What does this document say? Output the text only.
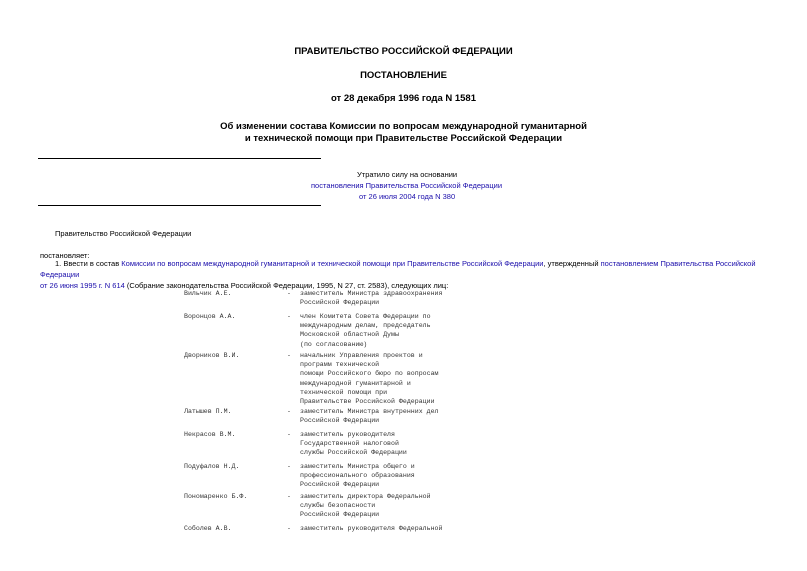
ПРАВИТЕЛЬСТВО РОССИЙСКОЙ ФЕДЕРАЦИИ
ПОСТАНОВЛЕНИЕ
от 28 декабря 1996 года N 1581
Об изменении состава Комиссии по вопросам международной гуманитарной
и технической помощи при Правительстве Российской Федерации
Утратило силу на основании
постановления Правительства Российской Федерации
от 26 июля 2004 года N 380
Правительство Российской Федерации
постановляет:
1. Ввести в состав Комиссии по вопросам международной гуманитарной и технической помощи при Правительстве Российской Федерации, утвержденный постановлением Правительства Российской Федерации
от 26 июня 1995 г. N 614 (Собрание законодательства Российской Федерации, 1995, N 27, ст. 2583), следующих лиц:

Вильчик А.Е.	- заместитель Министра здравоохранения
Российской Федерации

Воронцов А.А.	- член Комитета Совета Федерации по
международным делам, председатель
Московской областной Думы
(по согласованию)

Дворников В.И.	- начальник Управления проектов и
программ технической
помощи Российского бюро по вопросам
международной гуманитарной и
технической помощи при
Правительстве Российской Федерации

Латышев П.М.	- заместитель Министра внутренних дел
Российской Федерации

Некрасов В.М.	- заместитель руководителя
Государственной налоговой
службы Российской Федерации

Подуфалов Н.Д.	- заместитель Министра общего и
профессионального образования
Российской Федерации

Пономаренко Б.Ф.	- заместитель директора Федеральной
службы безопасности
Российской Федерации

Соболев А.В.	- заместитель руководителя Федеральной
